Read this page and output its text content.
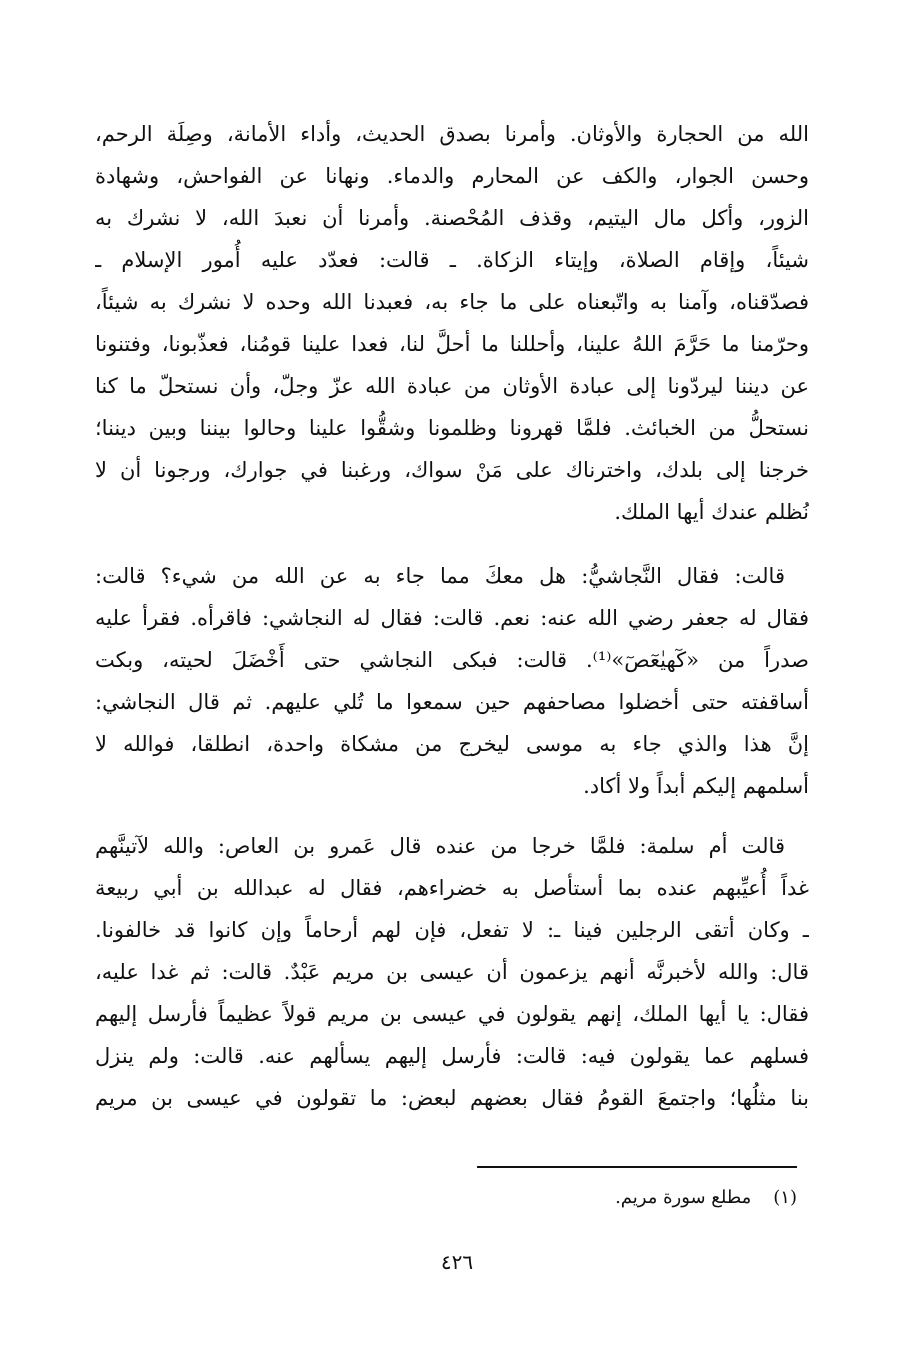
الله من الحجارة والأوثان. وأمرنا بصدق الحديث، وأداء الأمانة، وصِلَة الرحم،
وحسن الجوار، والكف عن المحارم والدماء. ونهانا عن الفواحش، وشهادة
الزور، وأكل مال اليتيم، وقذف المُحْصنة. وأمرنا أن نعبدَ الله، لا نشرك به
شيئاً، وإقام الصلاة، وإيتاء الزكاة. ـ قالت: فعدّد عليه أُمور الإسلام ـ
فصدّقناه، وآمنا به واتّبعناه على ما جاء به، فعبدنا الله وحده لا نشرك به شيئاً،
وحرّمنا ما حَرَّمَ اللهُ علينا، وأحللنا ما أحلَّ لنا، فعدا علينا قومُنا، فعذّبونا، وفتنونا
عن ديننا ليردّونا إلى عبادة الأوثان من عبادة الله عزّ وجلّ، وأن نستحلّ ما كنا
نستحلُّ من الخبائث. فلمَّا قهرونا وظلمونا وشقُّوا علينا وحالوا بيننا وبين ديننا؛
خرجنا إلى بلدك، واخترناك على مَنْ سواك، ورغبنا في جوارك، ورجونا أن لا
نُظلم عندك أيها الملك.
قالت: فقال النَّجاشيُّ: هل معكَ مما جاء به عن الله من شيء؟ قالت:
فقال له جعفر رضي الله عنه: نعم. قالت: فقال له النجاشي: فاقرأه. فقرأ عليه
صدراً من «كٓهيٰعٓصٓ»⁽¹⁾. قالت: فبكى النجاشي حتى أَخْضَلَ لحيته، وبكت
أساقفته حتى أخضلوا مصاحفهم حين سمعوا ما تُلي عليهم. ثم قال النجاشي:
إنَّ هذا والذي جاء به موسى ليخرج من مشكاة واحدة، انطلقا، فوالله لا
أسلمهم إليكم أبداً ولا أكاد.
قالت أم سلمة: فلمَّا خرجا من عنده قال عَمرو بن العاص: والله لآتينَّهم
غداً أُعيِّبهم عنده بما أستأصل به خضراءهم، فقال له عبدالله بن أبي ربيعة
ـ وكان أتقى الرجلين فينا ـ: لا تفعل، فإن لهم أرحاماً وإن كانوا قد خالفونا.
قال: والله لأخبرنَّه أنهم يزعمون أن عيسى بن مريم عَبْدٌ. قالت: ثم غدا عليه،
فقال: يا أيها الملك، إنهم يقولون في عيسى بن مريم قولاً عظيماً فأرسل إليهم
فسلهم عما يقولون فيه: قالت: فأرسل إليهم يسألهم عنه. قالت: ولم ينزل
بنا مثلُها؛ واجتمعَ القومُ فقال بعضهم لبعض: ما تقولون في عيسى بن مريم
(١)مطلع سورة مريم.
٤٢٦
